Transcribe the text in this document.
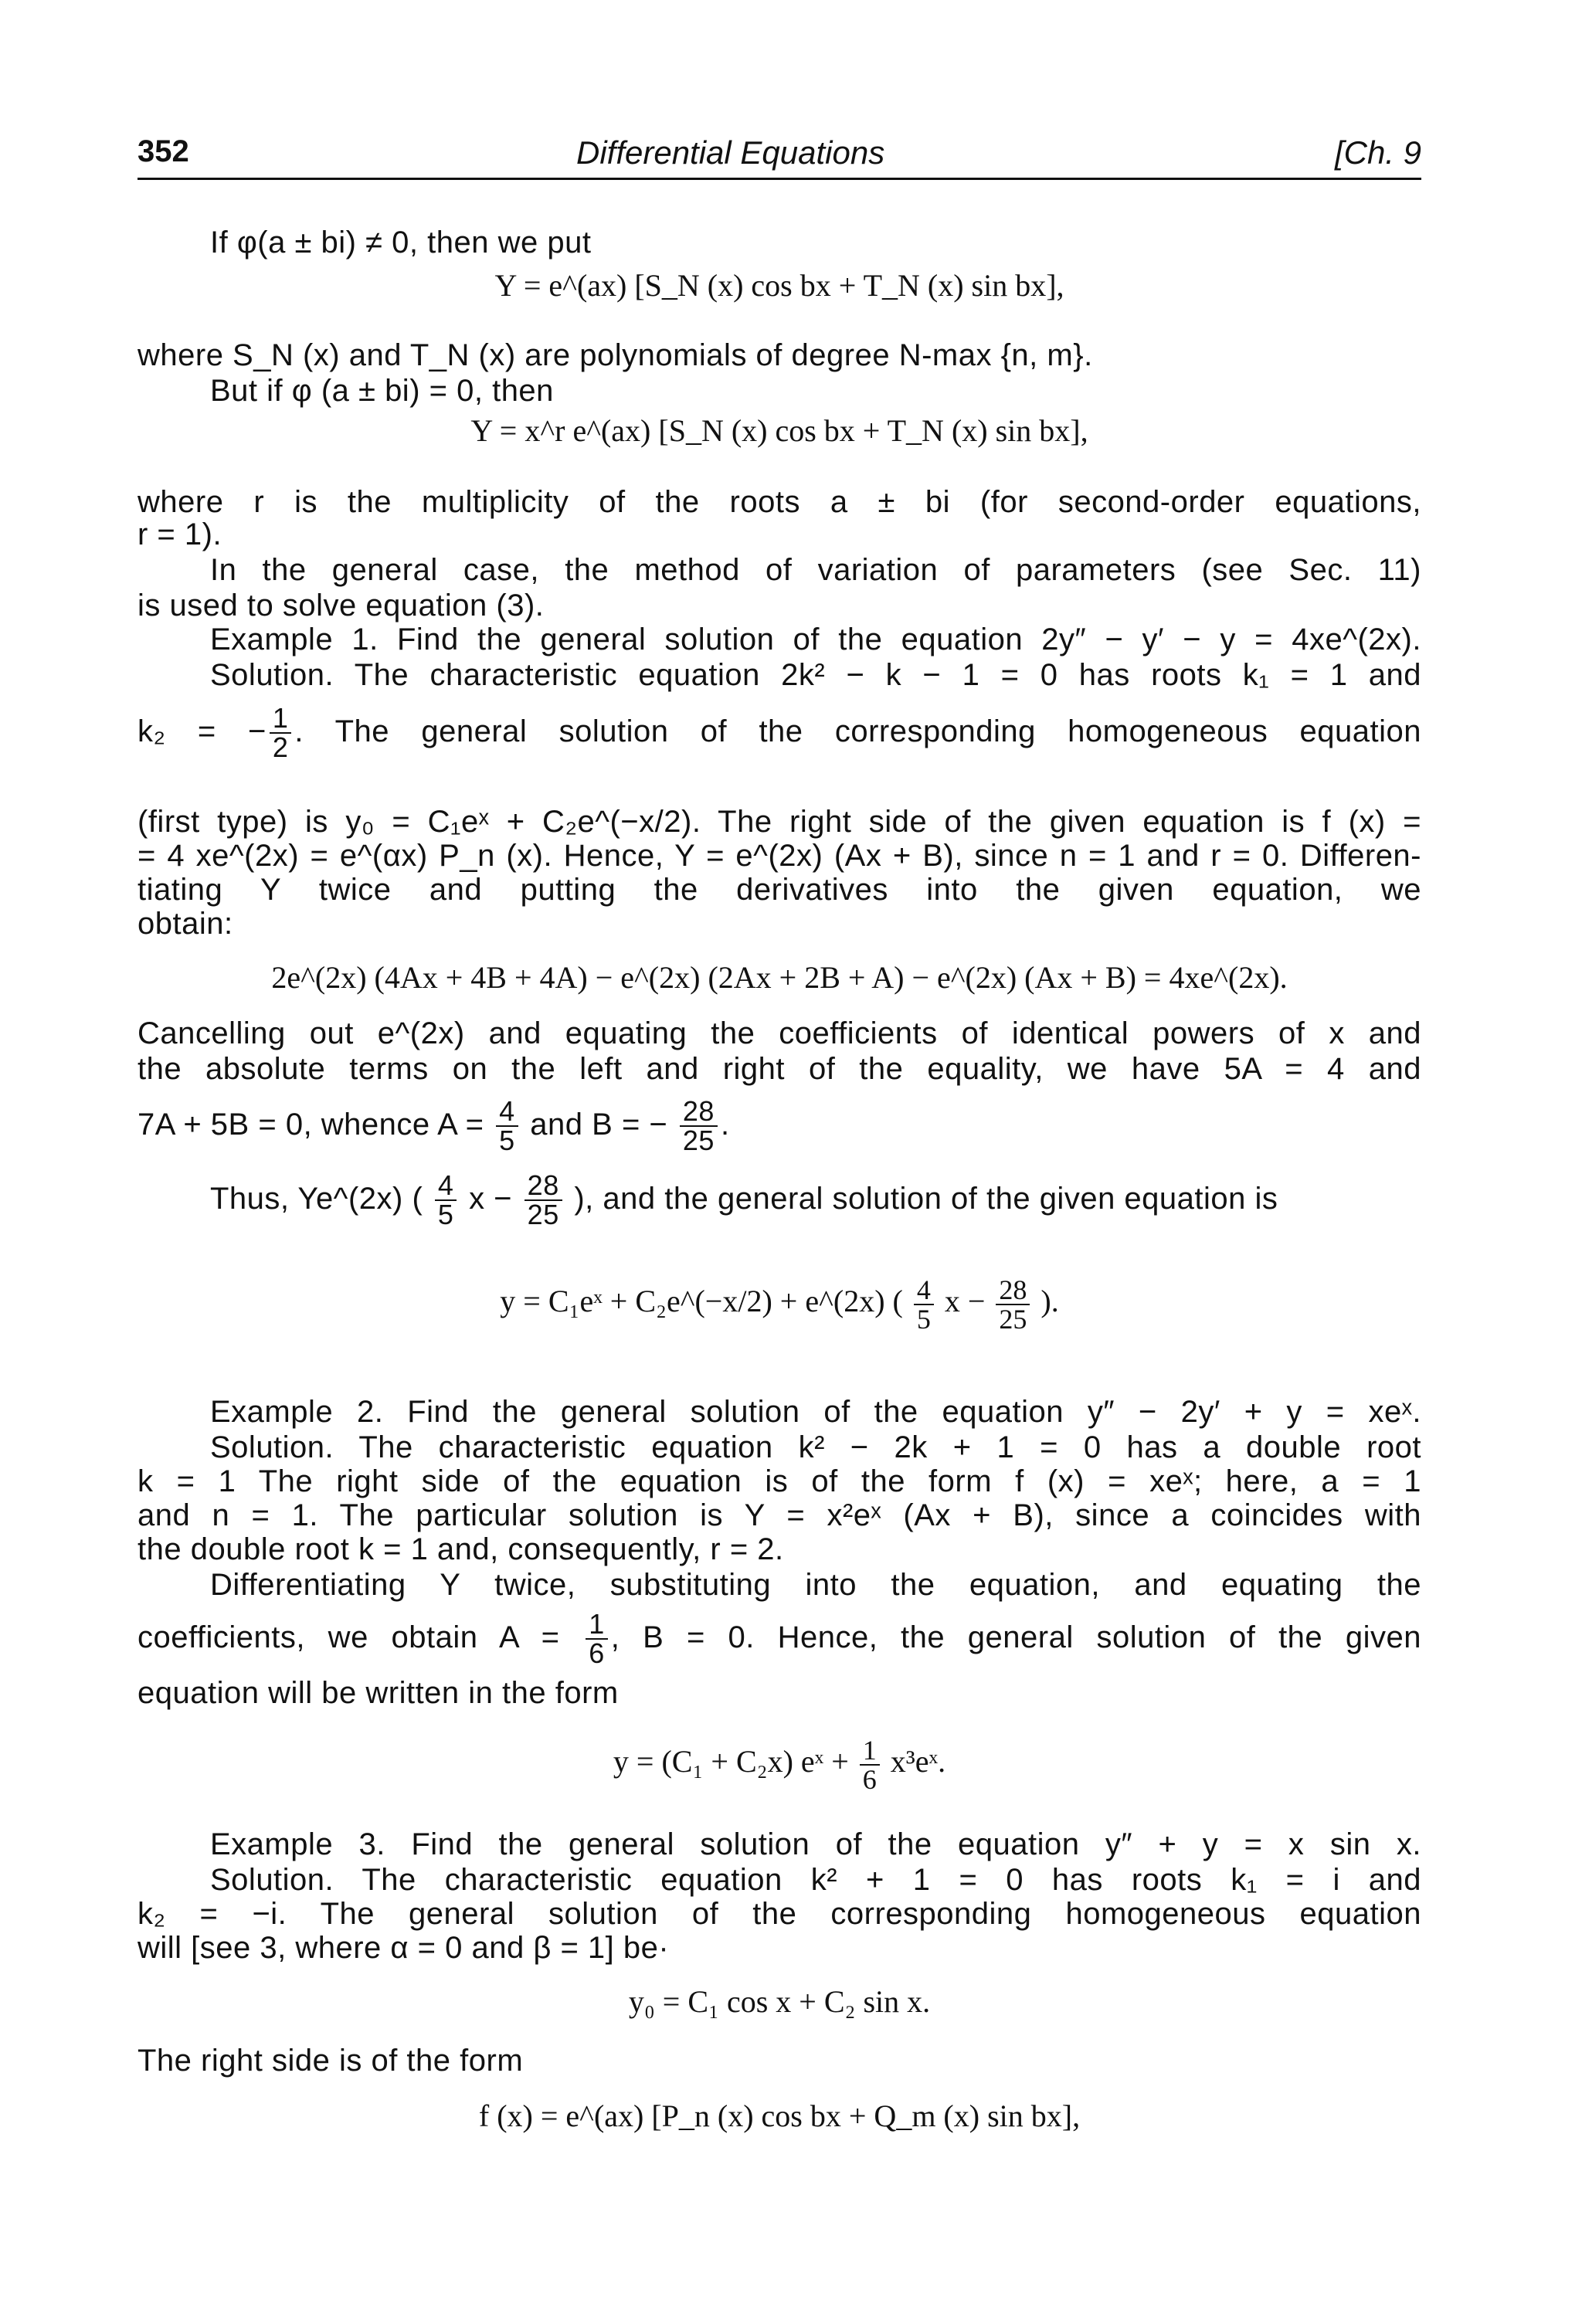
352	Differential Equations	[Ch. 9
If φ(a ± bi) ≠ 0, then we put
Y = e^(ax) [S_N (x) cos bx + T_N (x) sin bx],
where S_N (x) and T_N (x) are polynomials of degree N-max {n, m}.
But if φ (a ± bi) = 0, then
Y = x^r e^(ax) [S_N (x) cos bx + T_N (x) sin bx],
where r is the multiplicity of the roots a ± bi (for second-order equations,
r = 1).
In the general case, the method of variation of parameters (see Sec. 11)
is used to solve equation (3).
Example 1. Find the general solution of the equation 2y″ − y′ − y = 4xe^(2x).
Solution. The characteristic equation 2k² − k − 1 = 0 has roots k₁ = 1 and
k₂ = − $\frac{1}{2}$ . The general solution of the corresponding homogeneous equation
(first type) is y₀ = C₁eˣ + C₂e^(−x/2). The right side of the given equation is f (x) =
= 4 xe^(2x) = e^(αx) P_n (x). Hence, Y = e^(2x) (Ax + B), since n = 1 and r = 0. Differen-
tiating Y twice and putting the derivatives into the given equation, we
obtain:
2e^(2x) (4Ax + 4B + 4A) − e^(2x) (2Ax + 2B + A) − e^(2x) (Ax + B) = 4xe^(2x).
Cancelling out e^(2x) and equating the coefficients of identical powers of x and
the absolute terms on the left and right of the equality, we have 5A = 4 and
7A + 5B = 0, whence $A = \frac{4}{5}$ and B = − $\frac{28}{25}$ .
Thus, Ye^(2x) ( $\frac{4}{5}$ $x - \frac{28}{25}$ ), and the general solution of the given equation is
y = C₁eˣ + C₂e^(−x/2) + e^(2x) ( $\frac{4}{5}$ $x - \frac{28}{25}$ ).
Example 2. Find the general solution of the equation y″ − 2y′ + y = xeˣ.
Solution. The characteristic equation k² − 2k + 1 = 0 has a double root
k = 1 The right side of the equation is of the form f (x) = xeˣ; here, a = 1
and n = 1. The particular solution is Y = x²eˣ (Ax + B), since a coincides with
the double root k = 1 and, consequently, r = 2.
Differentiating Y twice, substituting into the equation, and equating the
coefficients, we obtain $A = \frac{1}{6}$ , B = 0. Hence, the general solution of the given
equation will be written in the form
y = (C₁ + C₂x) eˣ + $\frac{1}{6}$ x³eˣ.
Example 3. Find the general solution of the equation y″ + y = x sin x.
Solution. The characteristic equation k² + 1 = 0 has roots k₁ = i and
k₂ = −i. The general solution of the corresponding homogeneous equation
will [see 3, where α = 0 and β = 1] be·
y₀ = C₁ cos x + C₂ sin x.
The right side is of the form
f (x) = e^(ax) [P_n (x) cos bx + Q_m (x) sin bx],
